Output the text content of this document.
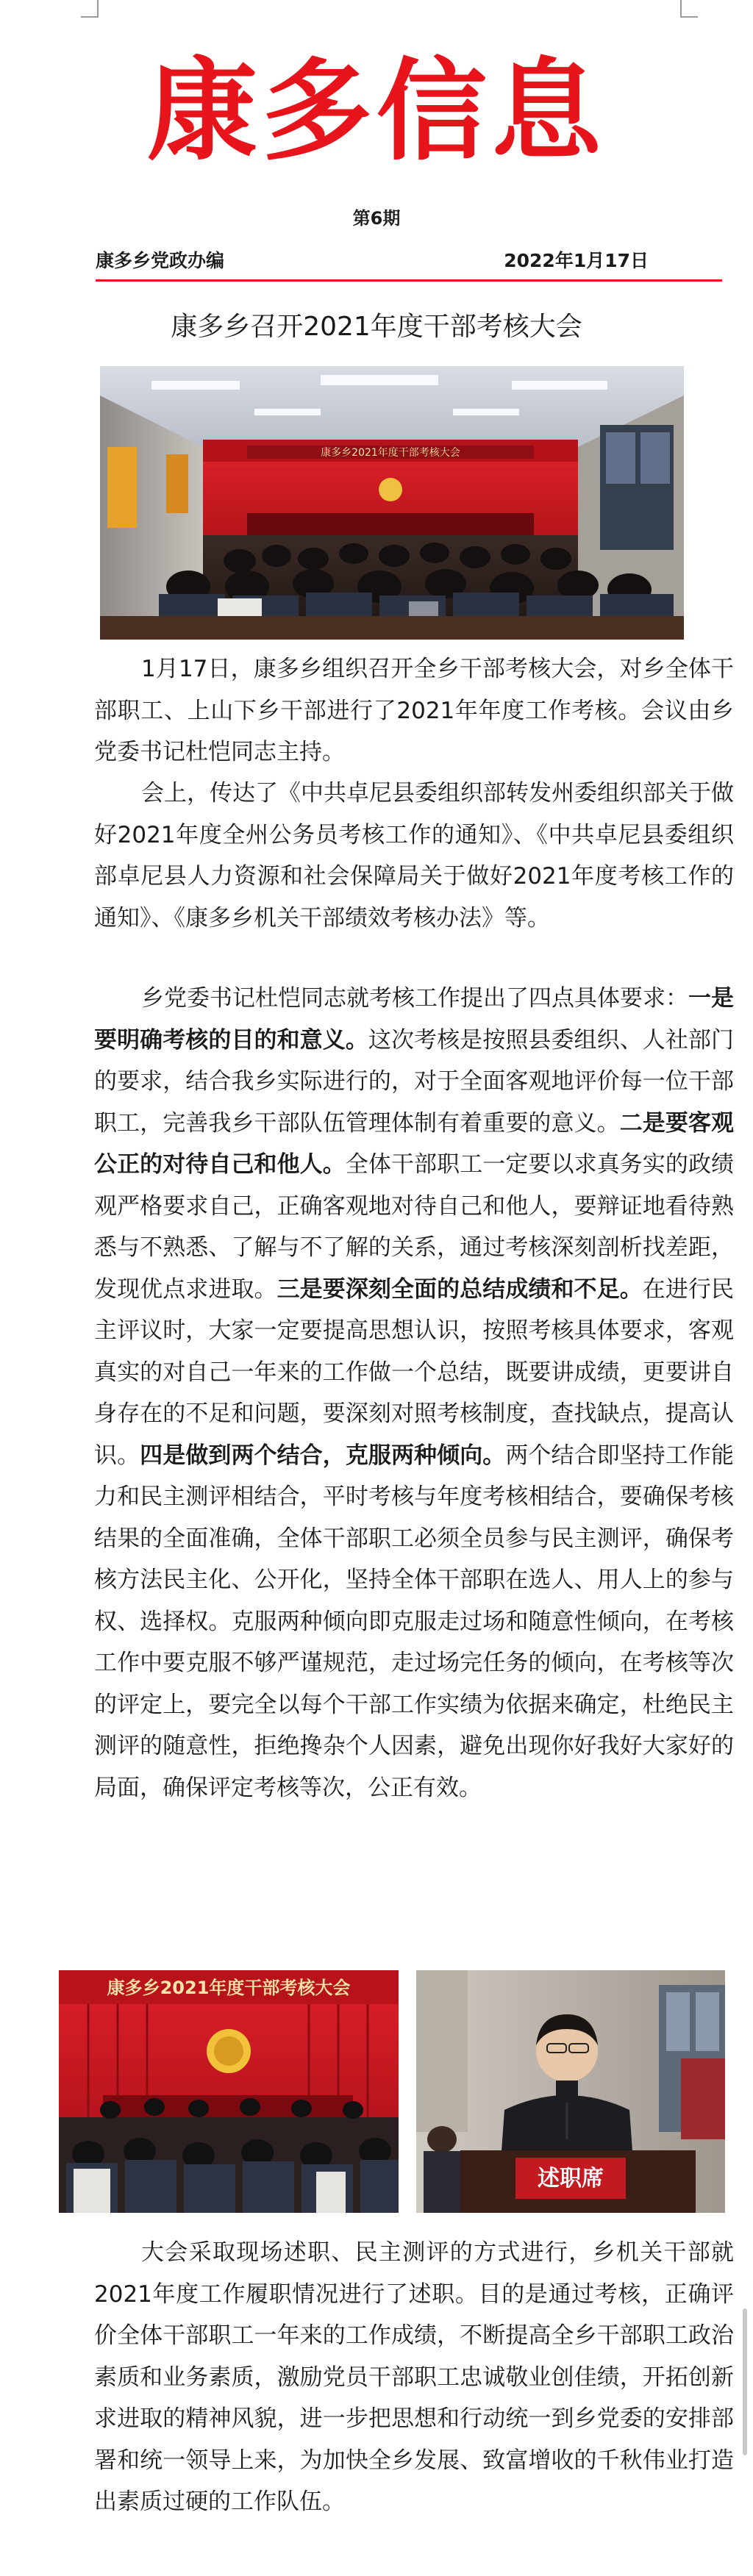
康多信息
第6期
康多乡党政办编	2022年1月17日
康多乡召开2021年度干部考核大会
康多乡2021年度干部考核大会

1月17日，康多乡组织召开全乡干部考核大会，对乡全体干部职工、上山下乡干部进行了2021年年度工作考核。会议由乡党委书记杜恺同志主持。

会上，传达了《中共卓尼县委组织部转发州委组织部关于做好2021年度全州公务员考核工作的通知》、《中共卓尼县委组织部卓尼县人力资源和社会保障局关于做好2021年度考核工作的通知》、《康多乡机关干部绩效考核办法》等。

乡党委书记杜恺同志就考核工作提出了四点具体要求：一是要明确考核的目的和意义。这次考核是按照县委组织、人社部门的要求，结合我乡实际进行的，对于全面客观地评价每一位干部职工，完善我乡干部队伍管理体制有着重要的意义。二是要客观公正的对待自己和他人。全体干部职工一定要以求真务实的政绩观严格要求自己，正确客观地对待自己和他人，要辩证地看待熟悉与不熟悉、了解与不了解的关系，通过考核深刻剖析找差距，发现优点求进取。三是要深刻全面的总结成绩和不足。在进行民主评议时，大家一定要提高思想认识，按照考核具体要求，客观真实的对自己一年来的工作做一个总结，既要讲成绩，更要讲自身存在的不足和问题，要深刻对照考核制度，查找缺点，提高认识。四是做到两个结合，克服两种倾向。两个结合即坚持工作能力和民主测评相结合，平时考核与年度考核相结合，要确保考核结果的全面准确，全体干部职工必须全员参与民主测评，确保考核方法民主化、公开化，坚持全体干部职在选人、用人上的参与权、选择权。克服两种倾向即克服走过场和随意性倾向，在考核工作中要克服不够严谨规范，走过场完任务的倾向，在考核等次的评定上，要完全以每个干部工作实绩为依据来确定，杜绝民主测评的随意性，拒绝搀杂个人因素，避免出现你好我好大家好的局面，确保评定考核等次，公正有效。

康多乡2021年度干部考核大会
述职席

大会采取现场述职、民主测评的方式进行，乡机关干部就2021年度工作履职情况进行了述职。目的是通过考核，正确评价全体干部职工一年来的工作成绩，不断提高全乡干部职工政治素质和业务素质，激励党员干部职工忠诚敬业创佳绩，开拓创新求进取的精神风貌，进一步把思想和行动统一到乡党委的安排部署和统一领导上来，为加快全乡发展、致富增收的千秋伟业打造出素质过硬的工作队伍。
